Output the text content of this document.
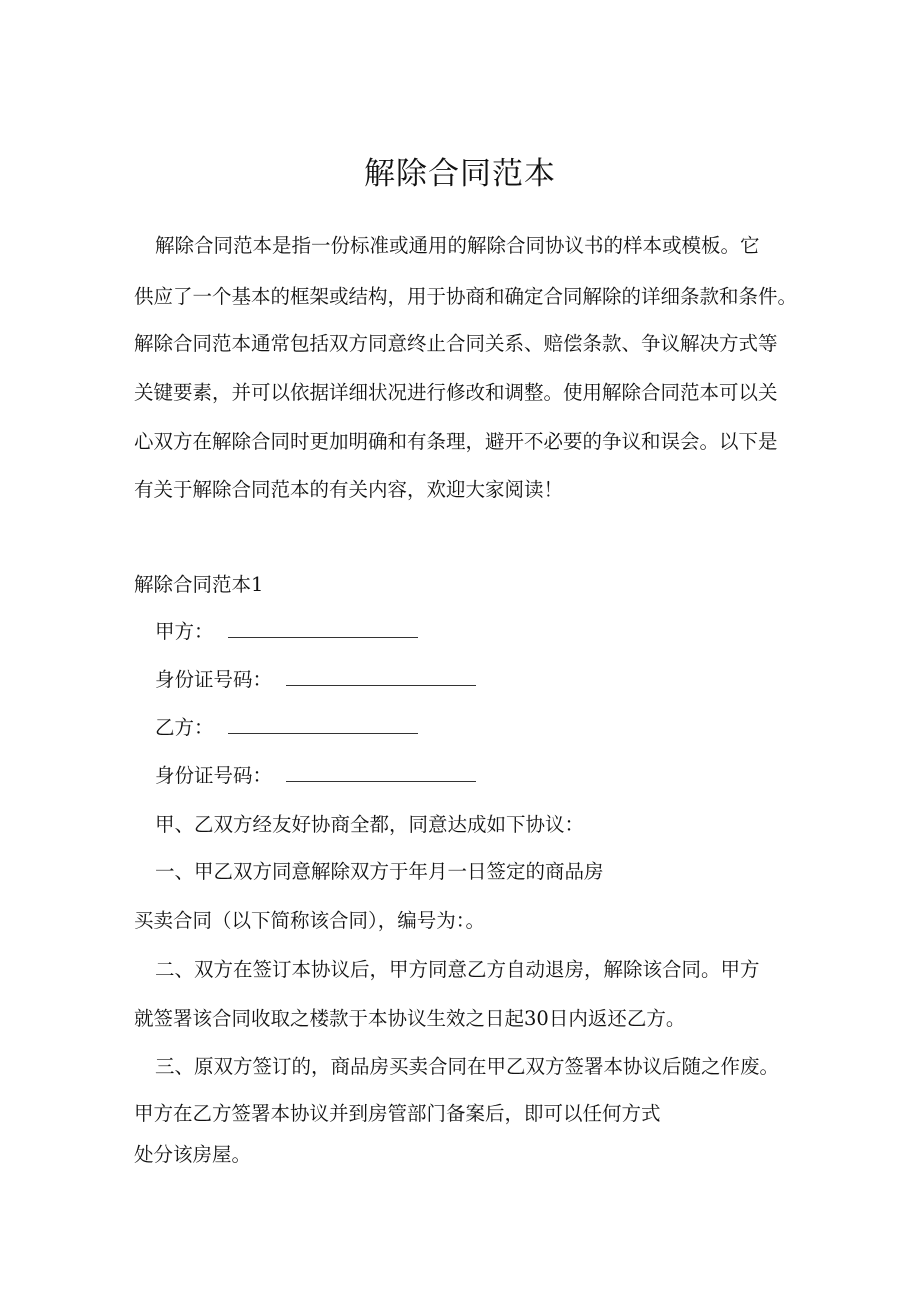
解除合同范本
解除合同范本是指一份标准或通用的解除合同协议书的样本或模板。它
供应了一个基本的框架或结构，用于协商和确定合同解除的详细条款和条件。
解除合同范本通常包括双方同意终止合同关系、赔偿条款、争议解决方式等
关键要素，并可以依据详细状况进行修改和调整。使用解除合同范本可以关
心双方在解除合同时更加明确和有条理，避开不必要的争议和误会。以下是
有关于解除合同范本的有关内容，欢迎大家阅读！
解除合同范本1
甲方：
身份证号码：
乙方：
身份证号码：
甲、乙双方经友好协商全都，同意达成如下协议：
一、甲乙双方同意解除双方于年月一日签定的商品房
买卖合同（以下简称该合同），编号为：。
二、双方在签订本协议后，甲方同意乙方自动退房，解除该合同。甲方
就签署该合同收取之楼款于本协议生效之日起30日内返还乙方。
三、原双方签订的，商品房买卖合同在甲乙双方签署本协议后随之作废。
甲方在乙方签署本协议并到房管部门备案后，即可以任何方式
处分该房屋。
